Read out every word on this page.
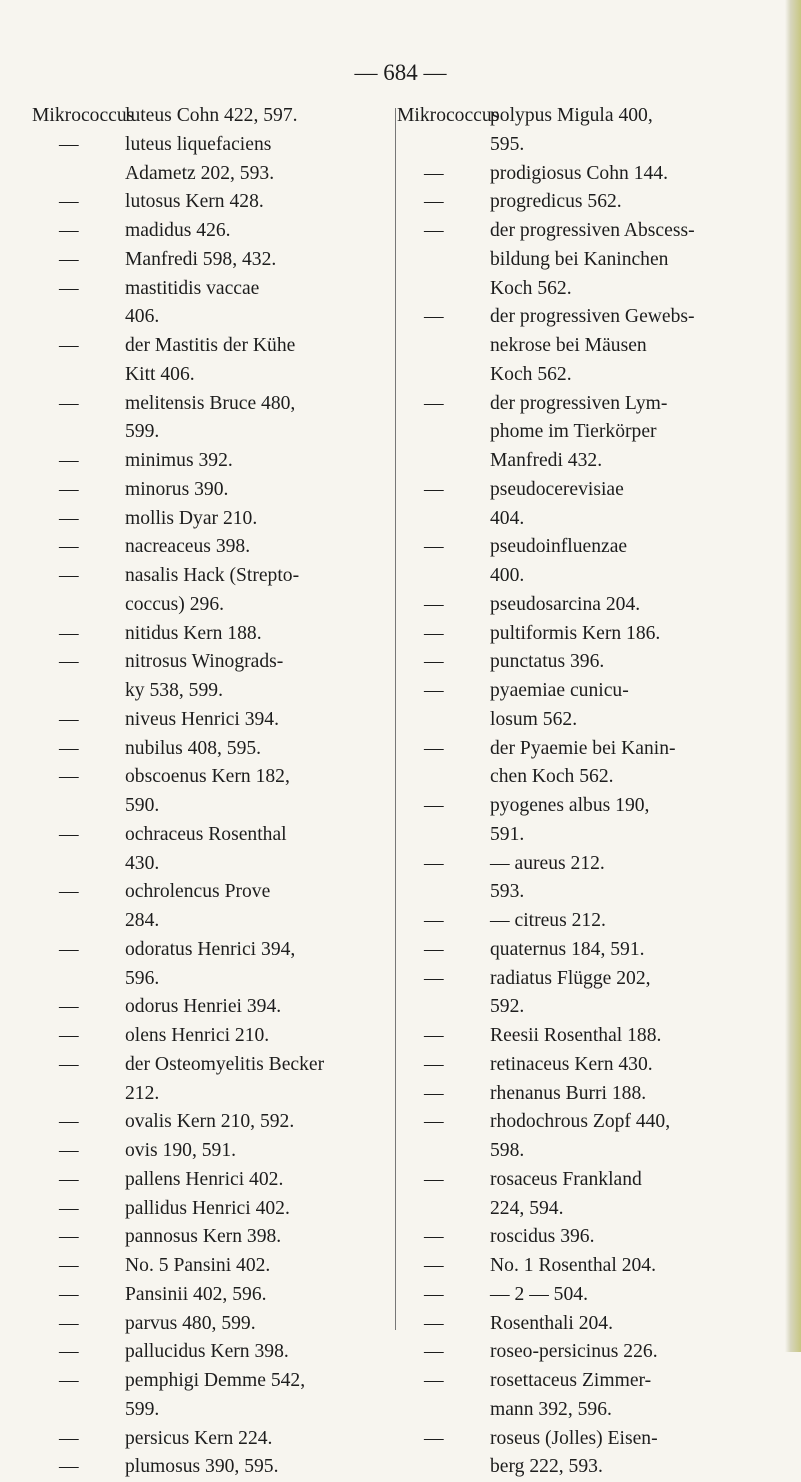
— 684 —
Mikrococcusluteus Cohn 422, 597.
— luteus liquefaciens
Adametz 202, 593.
— lutosus Kern 428.
— madidus 426.
— Manfredi 598, 432.
— mastitidis vaccae
406.
— der Mastitis der Kühe
Kitt 406.
— melitensis Bruce 480,
599.
— minimus 392.
— minorus 390.
— mollis Dyar 210.
— nacreaceus 398.
— nasalis Hack (Strepto-
coccus) 296.
— nitidus Kern 188.
— nitrosus Winograds-
ky 538, 599.
— niveus Henrici 394.
— nubilus 408, 595.
— obscoenus Kern 182,
590.
— ochraceus Rosenthal
430.
— ochrolencus Prove
284.
— odoratus Henrici 394,
596.
— odorus Henriei 394.
— olens Henrici 210.
— der Osteomyelitis Becker
212.
— ovalis Kern 210, 592.
— ovis 190, 591.
— pallens Henrici 402.
— pallidus Henrici 402.
— pannosus Kern 398.
— No. 5 Pansini 402.
— Pansinii 402, 596.
— parvus 480, 599.
— pallucidus Kern 398.
— pemphigi Demme 542,
599.
— persicus Kern 224.
— plumosus 390, 595.
Mikrococcuspolypus Migula 400,
595.
— prodigiosus Cohn 144.
— progredicus 562.
— der progressiven Abscess-
bildung bei Kaninchen
Koch 562.
— der progressiven Gewebs-
nekrose bei Mäusen
Koch 562.
— der progressiven Lym-
phome im Tierkörper
Manfredi 432.
— pseudocerevisiae
404.
— pseudoinfluenzae
400.
— pseudosarcina 204.
— pultiformis Kern 186.
— punctatus 396.
— pyaemiae cunicu-
losum 562.
— der Pyaemie bei Kanin-
chen Koch 562.
— pyogenes albus 190,
591.
— — aureus 212.
593.
— — citreus 212.
— quaternus 184, 591.
— radiatus Flügge 202,
592.
— Reesii Rosenthal 188.
— retinaceus Kern 430.
— rhenanus Burri 188.
— rhodochrous Zopf 440,
598.
— rosaceus Frankland
224, 594.
— roscidus 396.
— No. 1 Rosenthal 204.
— — 2 — 504.
— Rosenthali 204.
— roseo-persicinus 226.
— rosettaceus Zimmer-
mann 392, 596.
— roseus (Jolles) Eisen-
berg 222, 593.
